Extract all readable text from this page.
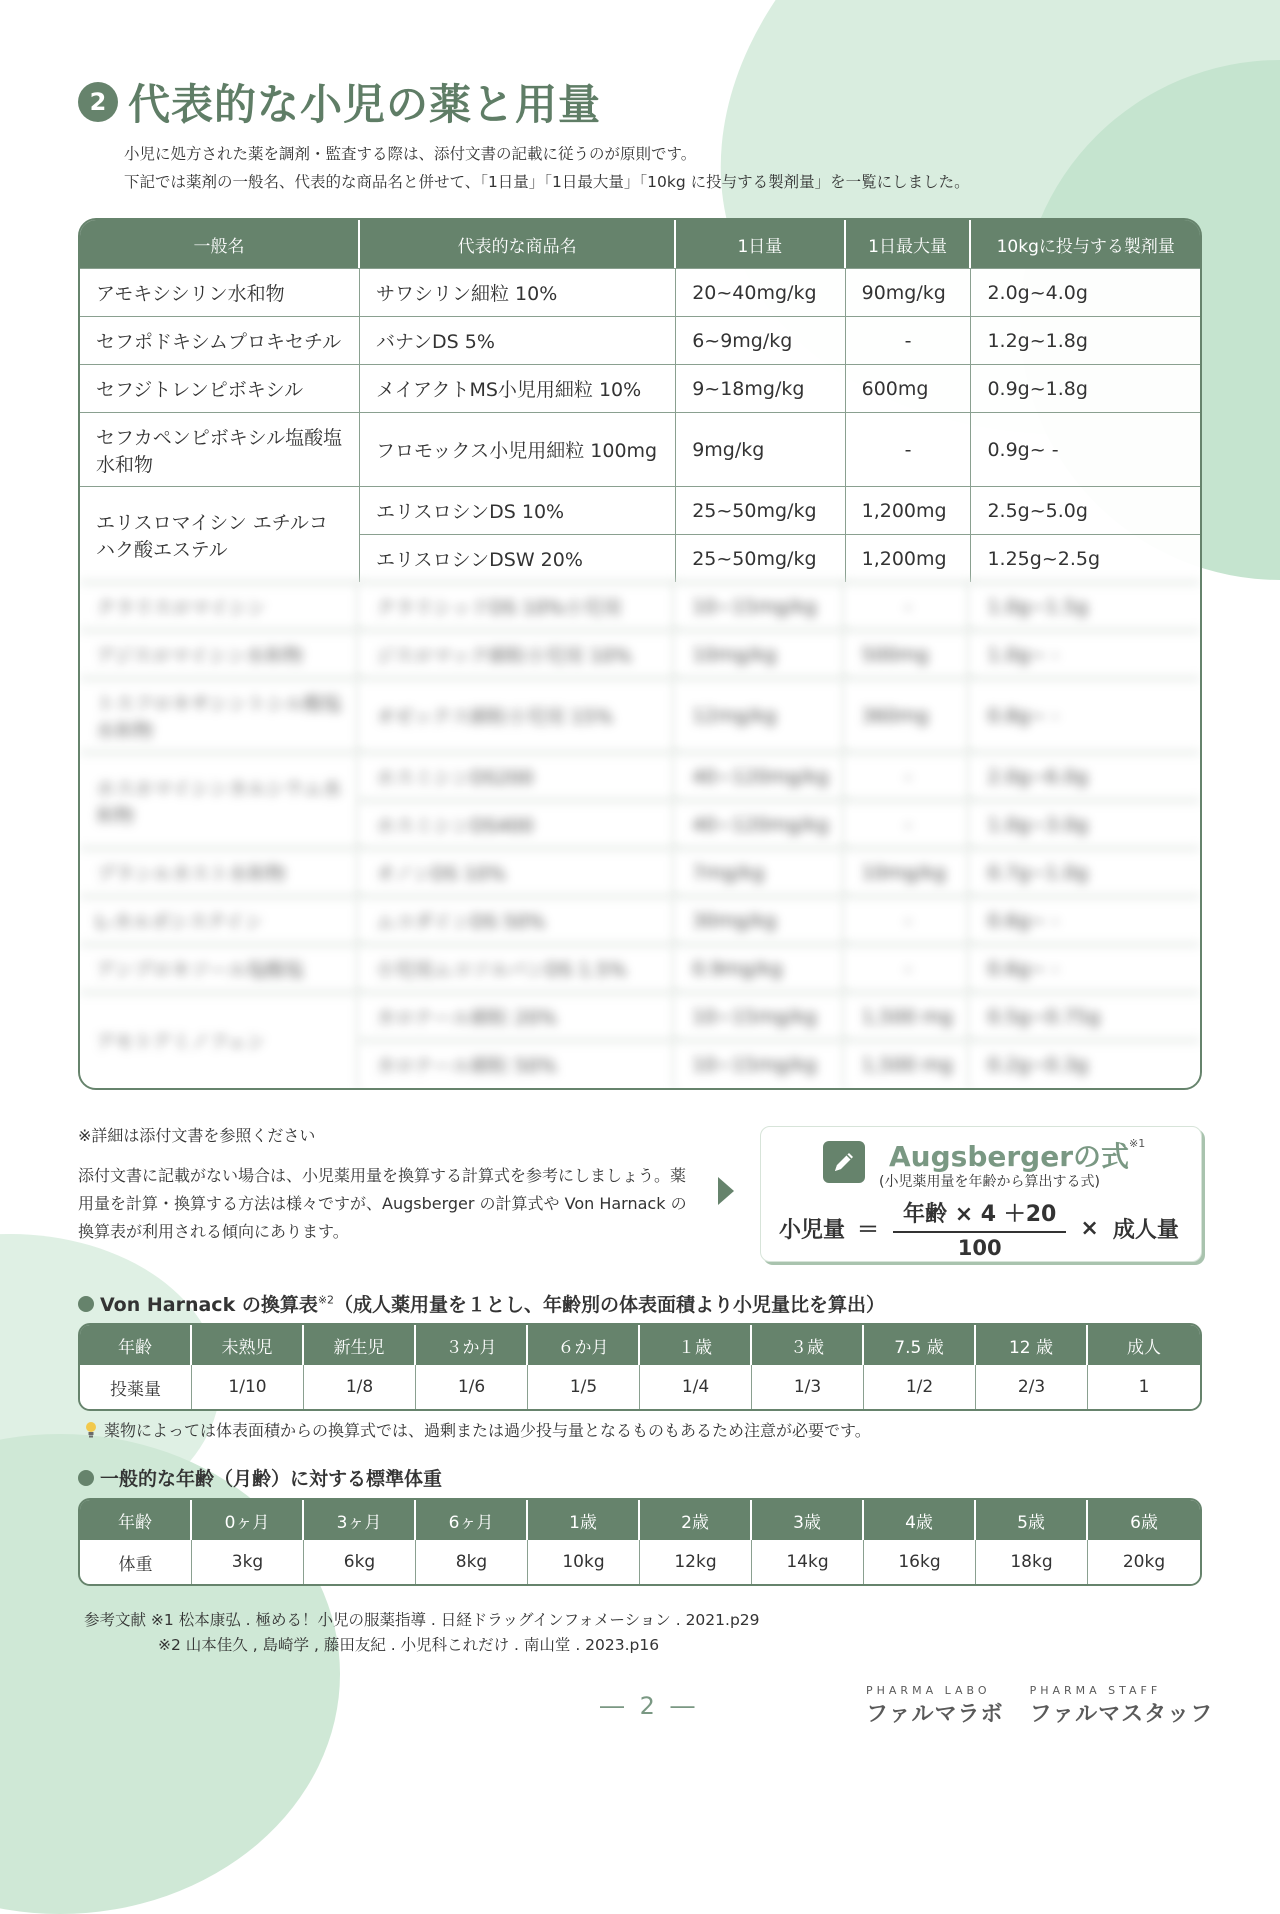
2 代表的な小児の薬と用量
小児に処方された薬を調剤・監査する際は、添付文書の記載に従うのが原則です。
下記では薬剤の一般名、代表的な商品名と併せて、「1日量」「1日最大量」「10kg に投与する製剤量」を一覧にしました。
一般名	代表的な商品名	1日量	1日最大量	10kgに投与する製剤量
アモキシシリン水和物	サワシリン細粒 10%	20~40mg/kg	90mg/kg	2.0g~4.0g
セフポドキシムプロキセチル	バナンDS 5%	6~9mg/kg	-	1.2g~1.8g
セフジトレンピボキシル	メイアクトMS小児用細粒 10%	9~18mg/kg	600mg	0.9g~1.8g
セフカペンピボキシル塩酸塩水和物	フロモックス小児用細粒 100mg	9mg/kg	-	0.9g~ -
エリスロマイシン エチルコハク酸エステル	エリスロシンDS 10%	25~50mg/kg	1,200mg	2.5g~5.0g
	エリスロシンDSW 20%	25~50mg/kg	1,200mg	1.25g~2.5g
クラリスロマイシン	クラリシッドDS 10%小児用	10~15mg/kg	-	1.0g~1.5g
アジスロマイシン水和物	ジスロマック細粒小児用 10%	10mg/kg	500mg	1.0g~ -
トスフロキサシントシル酸塩水和物	オゼックス細粒小児用 15%	12mg/kg	360mg	0.8g~ -
ホスホマイシンカルシウム水和物	ホスミシンDS200	40~120mg/kg	-	2.0g~6.0g
	ホスミシンDS400	40~120mg/kg	-	1.0g~3.0g
プランルカスト水和物	オノンDS 10%	7mg/kg	10mg/kg	0.7g~1.0g
L-カルボシステイン	ムコダインDS 50%	30mg/kg	-	0.6g~ -
アンブロキソール塩酸塩	小児用ムコソルバンDS 1.5%	0.9mg/kg	-	0.6g~ -
アセトアミノフェン	カロナール細粒 20%	10~15mg/kg	1,500 mg	0.5g~0.75g
	カロナール細粒 50%	10~15mg/kg	1,500 mg	0.2g~0.3g
※詳細は添付文書を参照ください
添付文書に記載がない場合は、小児薬用量を換算する計算式を参考にしましょう。薬用量を計算・換算する方法は様々ですが、Augsberger の計算式や Von Harnack の換算表が利用される傾向にあります。
Augsbergerの式$^{※1}$
(小児薬用量を年齢から算出する式)
小児量 ＝ $\frac{\text{年齢 × 4 ＋20}}{100}$ × 成人量
Von Harnack の換算表$^{※2}$（成人薬用量を１とし、年齢別の体表面積より小児量比を算出）
年齢	未熟児	新生児	３か月	６か月	１歳	３歳	7.5 歳	12 歳	成人
投薬量	1/10	1/8	1/6	1/5	1/4	1/3	1/2	2/3	1
薬物によっては体表面積からの換算式では、過剰または過少投与量となるものもあるため注意が必要です。
一般的な年齢（月齢）に対する標準体重
年齢	0ヶ月	3ヶ月	6ヶ月	1歳	2歳	3歳	4歳	5歳	6歳
体重	3kg	6kg	8kg	10kg	12kg	14kg	16kg	18kg	20kg
参考文献 ※1 松本康弘 . 極める！小児の服薬指導 . 日経ドラッグインフォメーション . 2021.p29
※2 山本佳久 , 島崎学 , 藤田友紀 . 小児科これだけ . 南山堂 . 2023.p16
― 2 ―
PHARMA LABO
ファルマラボ
PHARMA STAFF
ファルマスタッフ
